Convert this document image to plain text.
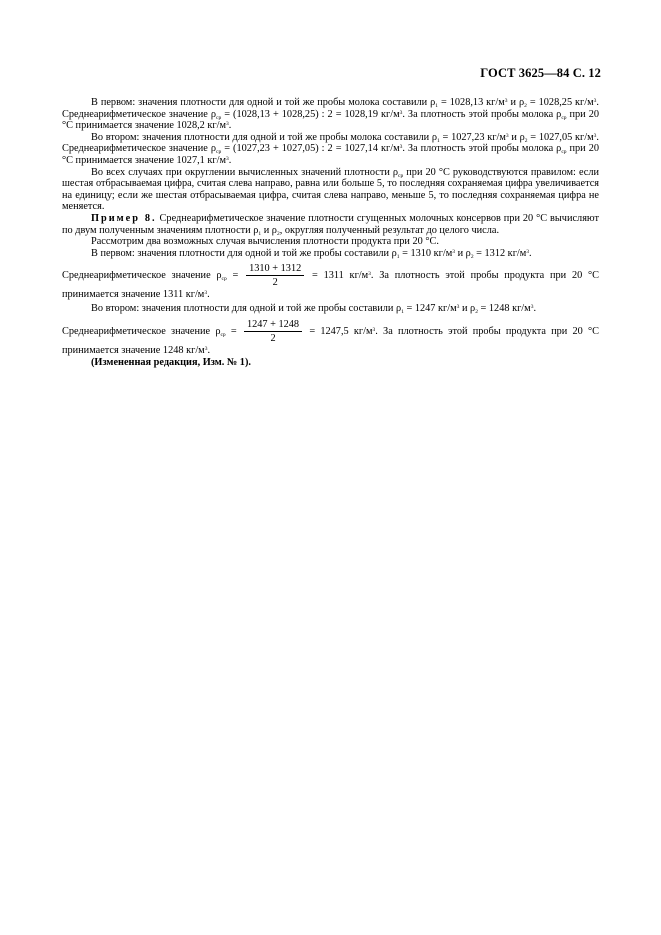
ГОСТ 3625—84 С. 12

В первом: значения плотности для одной и той же пробы молока составили $\rho_1 = 1028,13$ $кг/м^3$ и $\rho_2 = 1028,25$ $кг/м^3$. Среднеарифметическое значение $\rho_{ср} = (1028,13 + 1028,25)$ : 2 = 1028,19 $кг/м^3$. За плотность этой пробы молока $\rho_{ср}$ при 20 °С принимается значение 1028,2 $кг/м^3$.

Во втором: значения плотности для одной и той же пробы молока составили $\rho_1 = 1027,23$ $кг/м^3$ и $\rho_2 = 1027,05$ $кг/м^3$. Среднеарифметическое значение $\rho_{ср} = (1027,23 + 1027,05)$ : 2 = 1027,14 $кг/м^3$. За плотность этой пробы молока $\rho_{ср}$ при 20 °С принимается значение 1027,1 $кг/м^3$.

Во всех случаях при округлении вычисленных значений плотности $\rho_{ср}$ при 20 °С руководствуются правилом: если шестая отбрасываемая цифра, считая слева направо, равна или больше 5, то последняя сохраняемая цифра увеличивается на единицу; если же шестая отбрасываемая цифра, считая слева направо, меньше 5, то последняя сохраняемая цифра не меняется.

Пример 8. Среднеарифметическое значение плотности сгущенных молочных консервов при 20 °С вычисляют по двум полученным значениям плотности $\rho_1$ и $\rho_2$, округляя полученный результат до целого числа.

Рассмотрим два возможных случая вычисления плотности продукта при 20 °С.

В первом: значения плотности для одной и той же пробы составили $\rho_1 = 1310$ $кг/м^3$ и $\rho_2 = 1312$ $кг/м^3$.

Среднеарифметическое значение $\rho_{ср} = \frac{1310 + 1312}{2} = 1311$ $кг/м^3$. За плотность этой пробы продукта при 20 °С принимается значение 1311 $кг/м^3$.

Во втором: значения плотности для одной и той же пробы составили $\rho_1 = 1247$ $кг/м^3$ и $\rho_2 = 1248$ $кг/м^3$.

Среднеарифметическое значение $\rho_{ср} = \frac{1247 + 1248}{2} = 1247,5$ $кг/м^3$. За плотность этой пробы продукта при 20 °С принимается значение 1248 $кг/м^3$.

(Измененная редакция, Изм. № 1).
